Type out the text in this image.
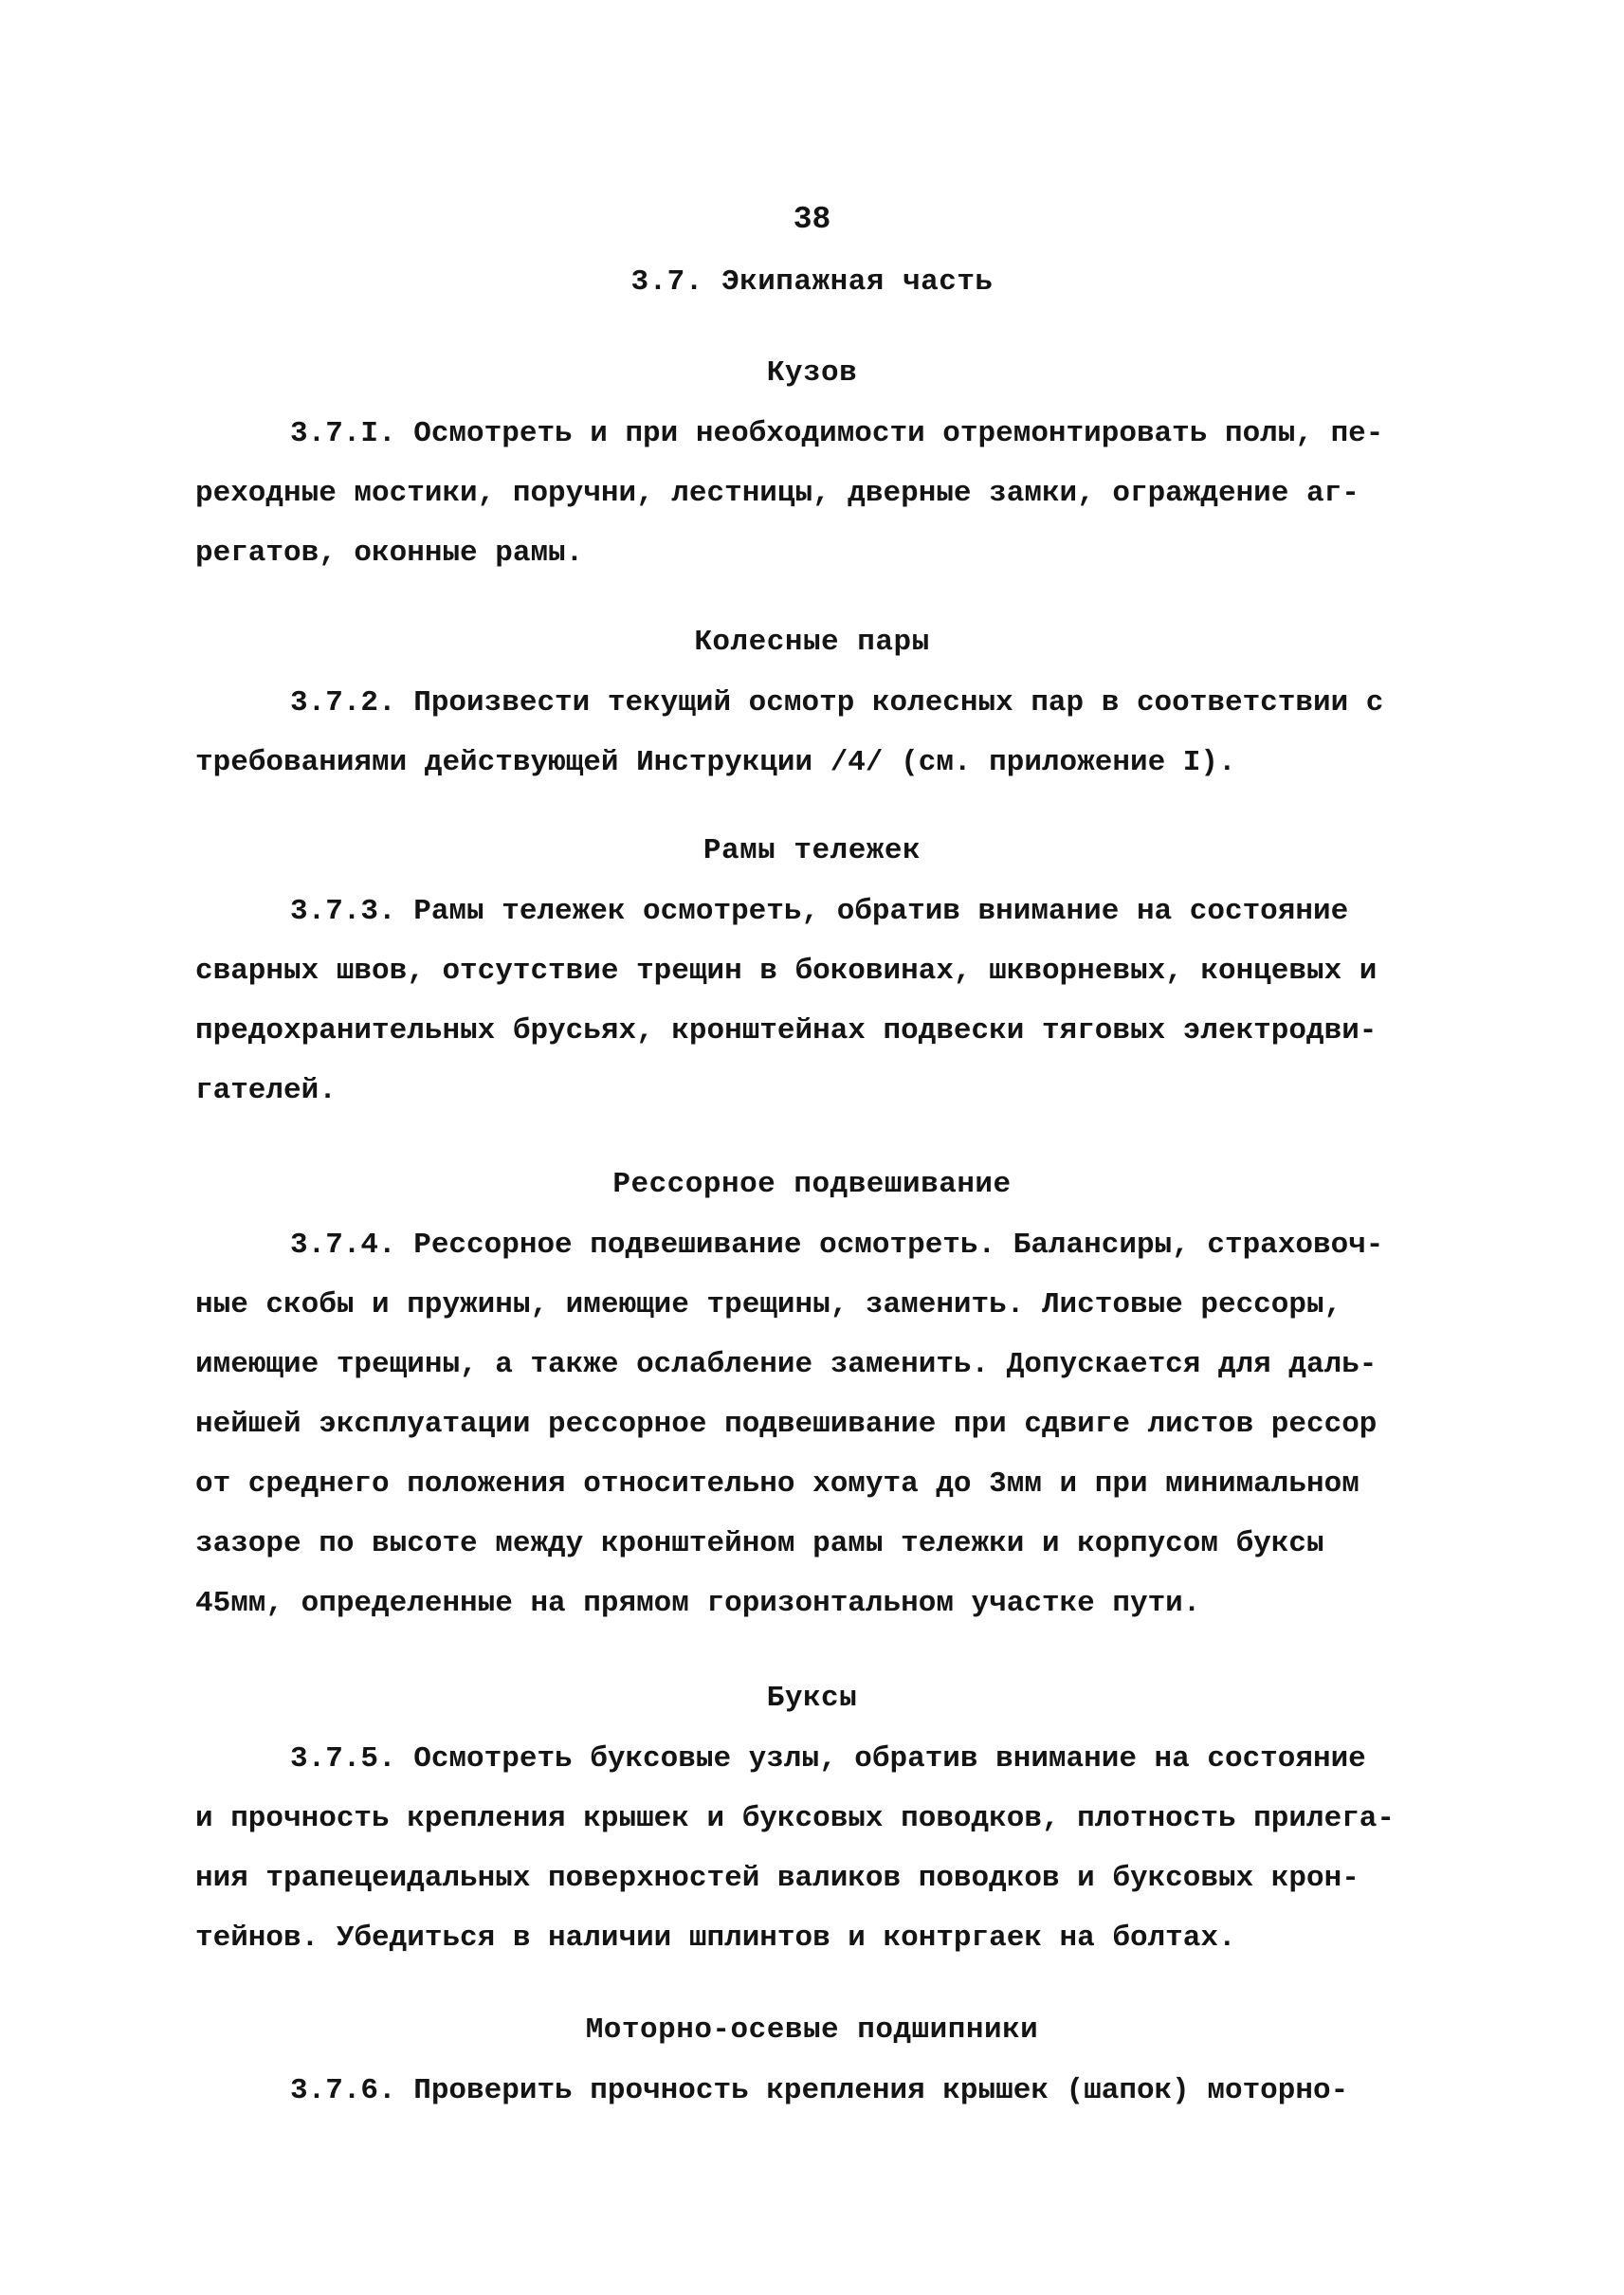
38
3.7. Экипажная часть
Кузов
3.7.I. Осмотреть и при необходимости отремонтировать полы, пе-
реходные мостики, поручни, лестницы, дверные замки, ограждение аг-
регатов, оконные рамы.
Колесные пары
3.7.2. Произвести текущий осмотр колесных пар в соответствии с
требованиями действующей Инструкции /4/ (см. приложение I).
Рамы тележек
3.7.3. Рамы тележек осмотреть, обратив внимание на состояние
сварных швов, отсутствие трещин в боковинах, шкворневых, концевых и
предохранительных брусьях, кронштейнах подвески тяговых электродви-
гателей.
Рессорное подвешивание
3.7.4. Рессорное подвешивание осмотреть. Балансиры, страховоч-
ные скобы и пружины, имеющие трещины, заменить. Листовые рессоры,
имеющие трещины, а также ослабление заменить. Допускается для даль-
нейшей эксплуатации рессорное подвешивание при сдвиге листов рессор
от среднего положения относительно хомута до 3мм и при минимальном
зазоре по высоте между кронштейном рамы тележки и корпусом буксы
45мм, определенные на прямом горизонтальном участке пути.
Буксы
3.7.5. Осмотреть буксовые узлы, обратив внимание на состояние
и прочность крепления крышек и буксовых поводков, плотность прилега-
ния трапецеидальных поверхностей валиков поводков и буксовых крон-
тейнов. Убедиться в наличии шплинтов и контргаек на болтах.
Моторно-осевые подшипники
3.7.6. Проверить прочность крепления крышек (шапок) моторно-
